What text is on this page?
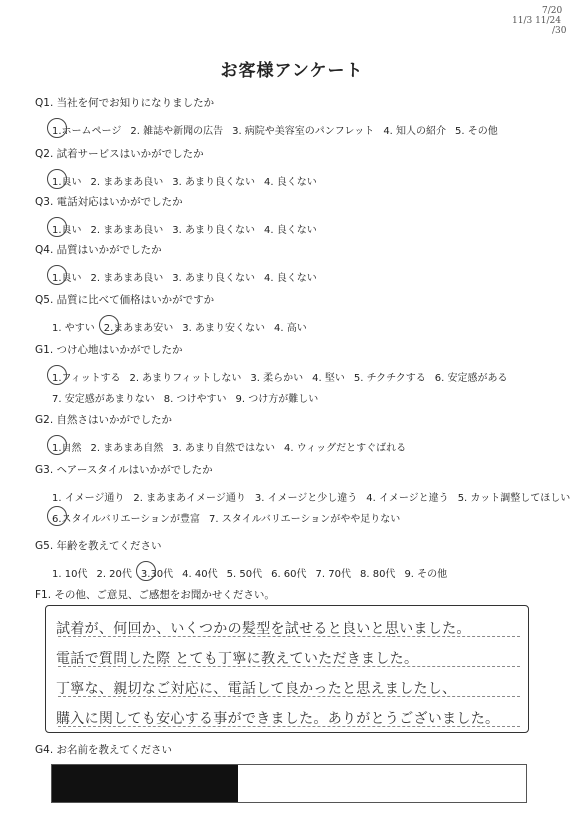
7/20
11/3 11/24
/30
お客様アンケート
Q1. 当社を何でお知りになりましたか
1.ホームページ 2. 雑誌や新聞の広告 3. 病院や美容室のパンフレット 4. 知人の紹介 5. その他
Q2. 試着サービスはいかがでしたか
1.良い 2. まあまあ良い 3. あまり良くない 4. 良くない
Q3. 電話対応はいかがでしたか
1.良い 2. まあまあ良い 3. あまり良くない 4. 良くない
Q4. 品質はいかがでしたか
1.良い 2. まあまあ良い 3. あまり良くない 4. 良くない
Q5. 品質に比べて価格はいかがですか
1. やすい 2.まあまあ安い 3. あまり安くない 4. 高い
G1. つけ心地はいかがでしたか
1.フィットする 2. あまりフィットしない 3. 柔らかい 4. 堅い 5. チクチクする 6. 安定感がある
7. 安定感があまりない 8. つけやすい 9. つけ方が難しい
G2. 自然さはいかがでしたか
1.自然 2. まあまあ自然 3. あまり自然ではない 4. ウィッグだとすぐばれる
G3. ヘアースタイルはいかがでしたか
1. イメージ通り 2. まあまあイメージ通り 3. イメージと少し違う 4. イメージと違う 5. カット調整してほしい
6.スタイルバリエーションが豊富 7. スタイルバリエーションがやや足りない
G5. 年齢を教えてください
1. 10代 2. 20代 3.30代 4. 40代 5. 50代 6. 60代 7. 70代 8. 80代 9. その他
F1. その他、ご意見、ご感想をお聞かせください。
試着が、何回か、いくつかの髪型を試せると良いと思いました。
電話で質問した際 とても丁寧に教えていただきました。
丁寧な、親切なご対応に、電話して良かったと思えましたし、
購入に関しても安心する事ができました。ありがとうございました。
G4. お名前を教えてください
